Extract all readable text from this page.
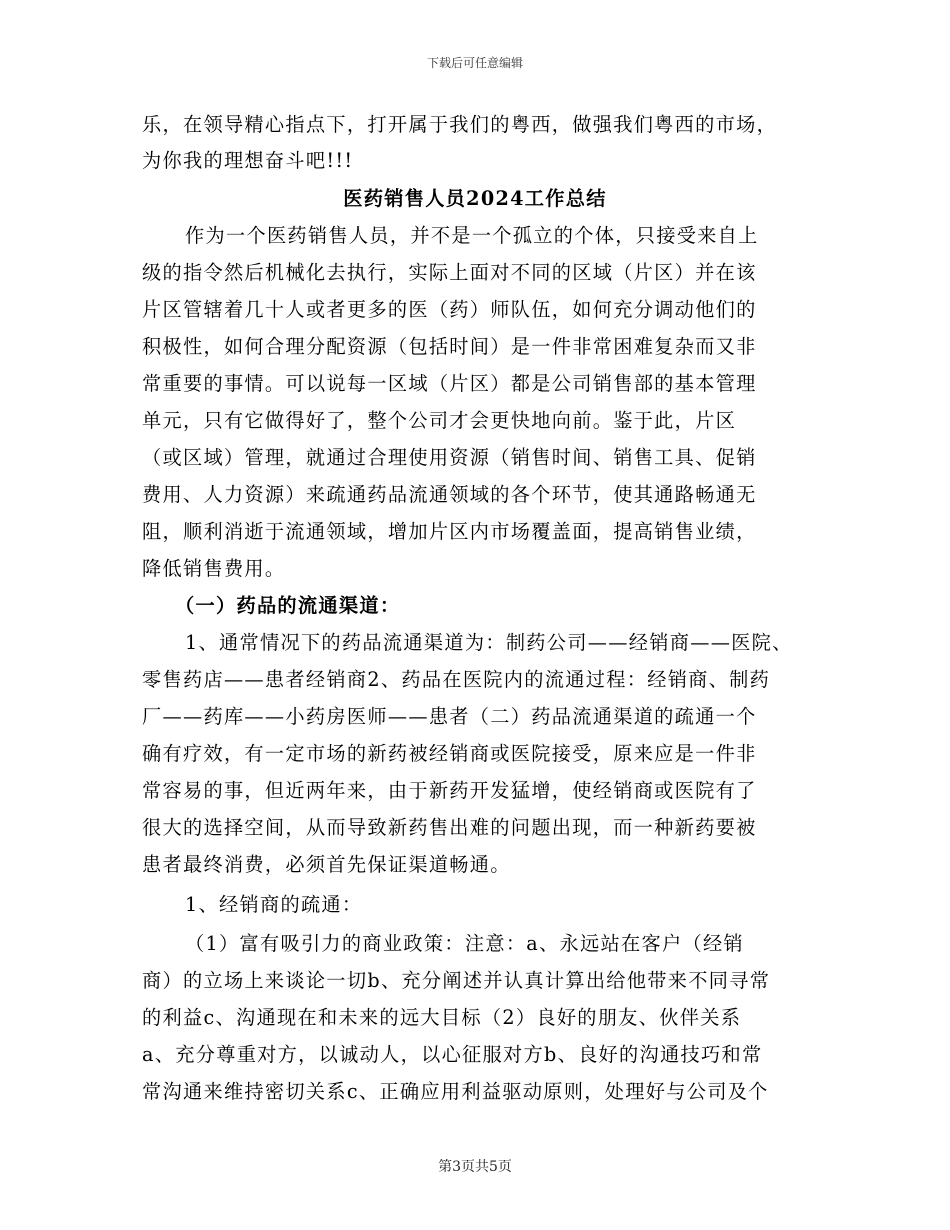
下载后可任意编辑
乐，在领导精心指点下，打开属于我们的粤西，做强我们粤西的市场，
为你我的理想奋斗吧!!!
医药销售人员2024工作总结
作为一个医药销售人员，并不是一个孤立的个体，只接受来自上
级的指令然后机械化去执行，实际上面对不同的区域（片区）并在该
片区管辖着几十人或者更多的医（药）师队伍，如何充分调动他们的
积极性，如何合理分配资源（包括时间）是一件非常困难复杂而又非
常重要的事情。可以说每一区域（片区）都是公司销售部的基本管理
单元，只有它做得好了，整个公司才会更快地向前。鉴于此，片区
（或区域）管理，就通过合理使用资源（销售时间、销售工具、促销
费用、人力资源）来疏通药品流通领域的各个环节，使其通路畅通无
阻，顺利消逝于流通领域，增加片区内市场覆盖面，提高销售业绩，
降低销售费用。
（一）药品的流通渠道：
1、通常情况下的药品流通渠道为：制药公司——经销商——医院、
零售药店——患者经销商2、药品在医院内的流通过程：经销商、制药
厂——药库——小药房医师——患者（二）药品流通渠道的疏通一个
确有疗效，有一定市场的新药被经销商或医院接受，原来应是一件非
常容易的事，但近两年来，由于新药开发猛增，使经销商或医院有了
很大的选择空间，从而导致新药售出难的问题出现，而一种新药要被
患者最终消费，必须首先保证渠道畅通。
1、经销商的疏通：
（1）富有吸引力的商业政策：注意：a、永远站在客户（经销
商）的立场上来谈论一切b、充分阐述并认真计算出给他带来不同寻常
的利益c、沟通现在和未来的远大目标（2）良好的朋友、伙伴关系
a、充分尊重对方，以诚动人，以心征服对方b、良好的沟通技巧和常
常沟通来维持密切关系c、正确应用利益驱动原则，处理好与公司及个
第3页共5页
